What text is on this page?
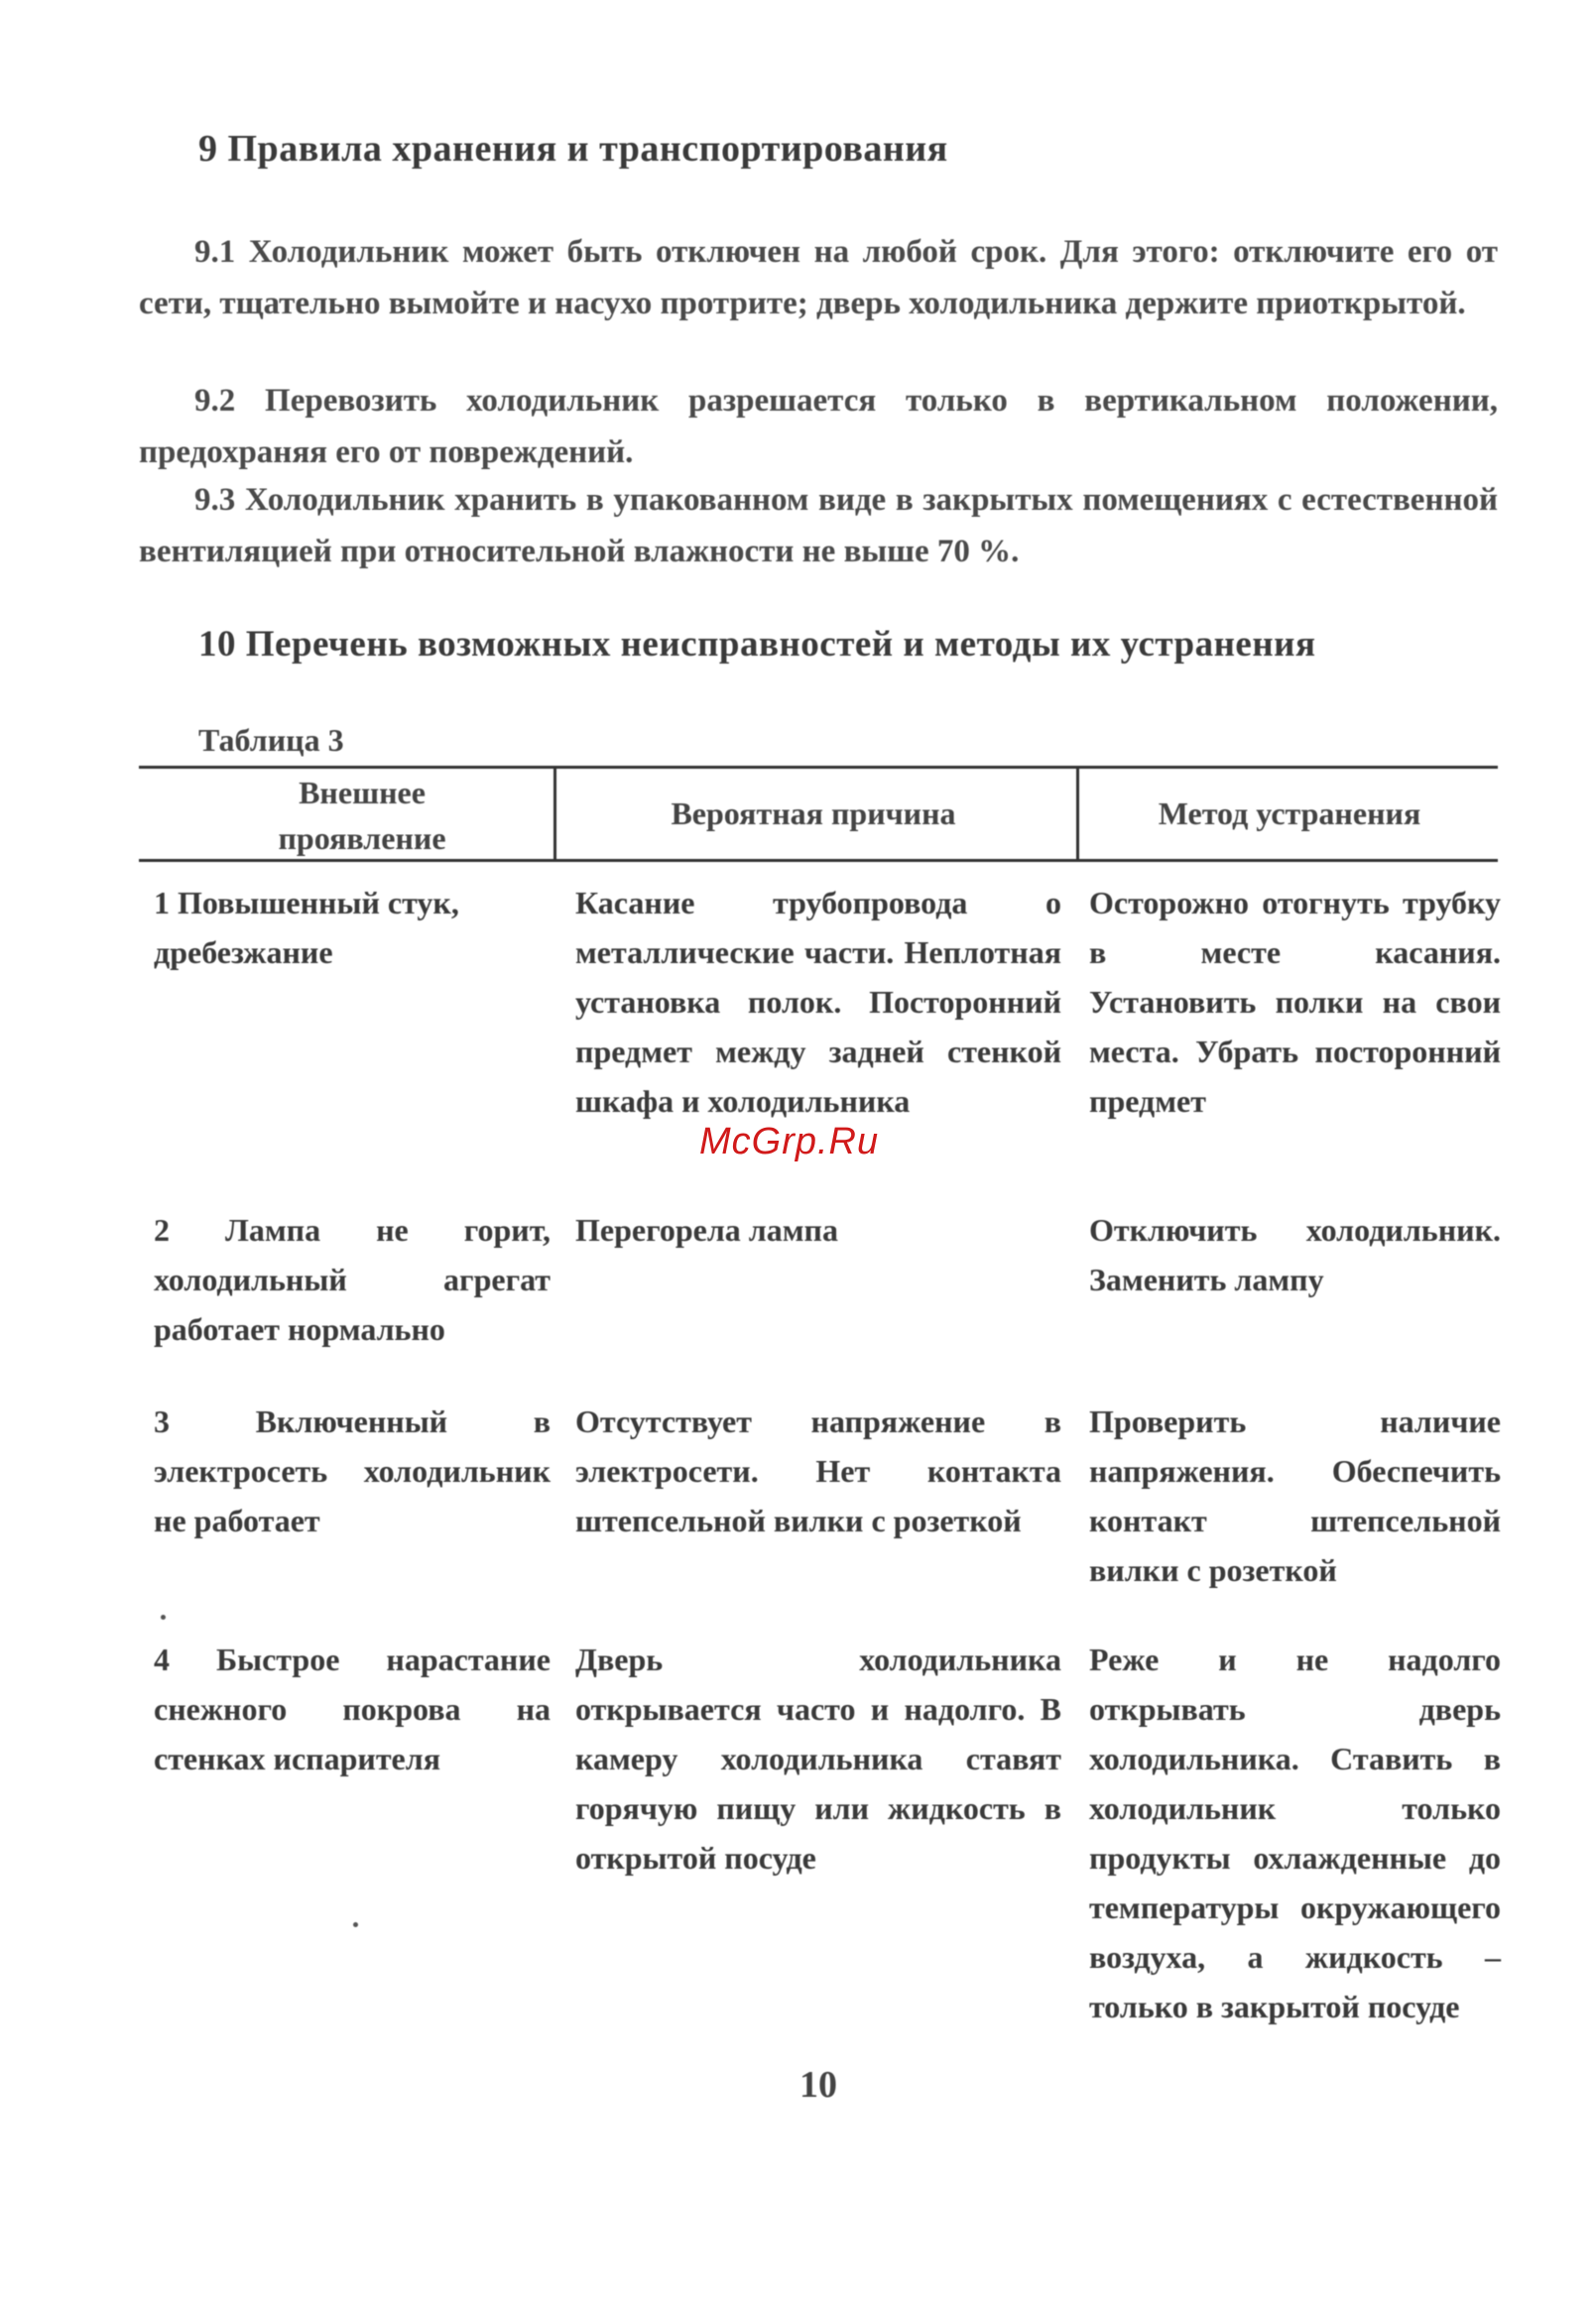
9 Правила хранения и транспортирования
9.1 Холодильник может быть отключен на любой срок. Для этого: отключите его от сети, тщательно вымойте и насухо протрите; дверь холодильника держите приоткрытой.
9.2 Перевозить холодильник разрешается только в вертикальном положении, предохраняя его от повреждений.
9.3 Холодильник хранить в упакованном виде в закрытых помещениях с естественной вентиляцией при относительной влажности не выше 70 %.
10 Перечень возможных неисправностей и методы их устранения
Таблица 3
Внешнее проявление
Вероятная причина	Метод устранения
1 Повышенный стук, дребезжание
Касание трубопровода о металлические части. Неплотная установка полок. Посторонний предмет между задней стенкой шкафа и холодильника
Осторожно отогнуть трубку в месте касания. Установить полки на свои места. Убрать посторонний предмет
2 Лампа не горит, холодильный агрегат работает нормально
Перегорела лампа	Отключить холодильник. Заменить лампу
3 Включенный в электросеть холодильник не работает
Отсутствует напряжение в электросети. Нет контакта штепсельной вилки с розеткой
Проверить наличие напряжения. Обеспечить контакт штепсельной вилки с розеткой
4 Быстрое нарастание снежного покрова на стенках испарителя
Дверь холодильника открывается часто и надолго. В камеру холодильника ставят горячую пищу или жидкость в открытой посуде
Реже и не надолго открывать дверь холодильника. Ставить в холодильник только продукты охлажденные до температуры окружающего воздуха, а жидкость – только в закрытой посуде
10
McGrp.Ru
